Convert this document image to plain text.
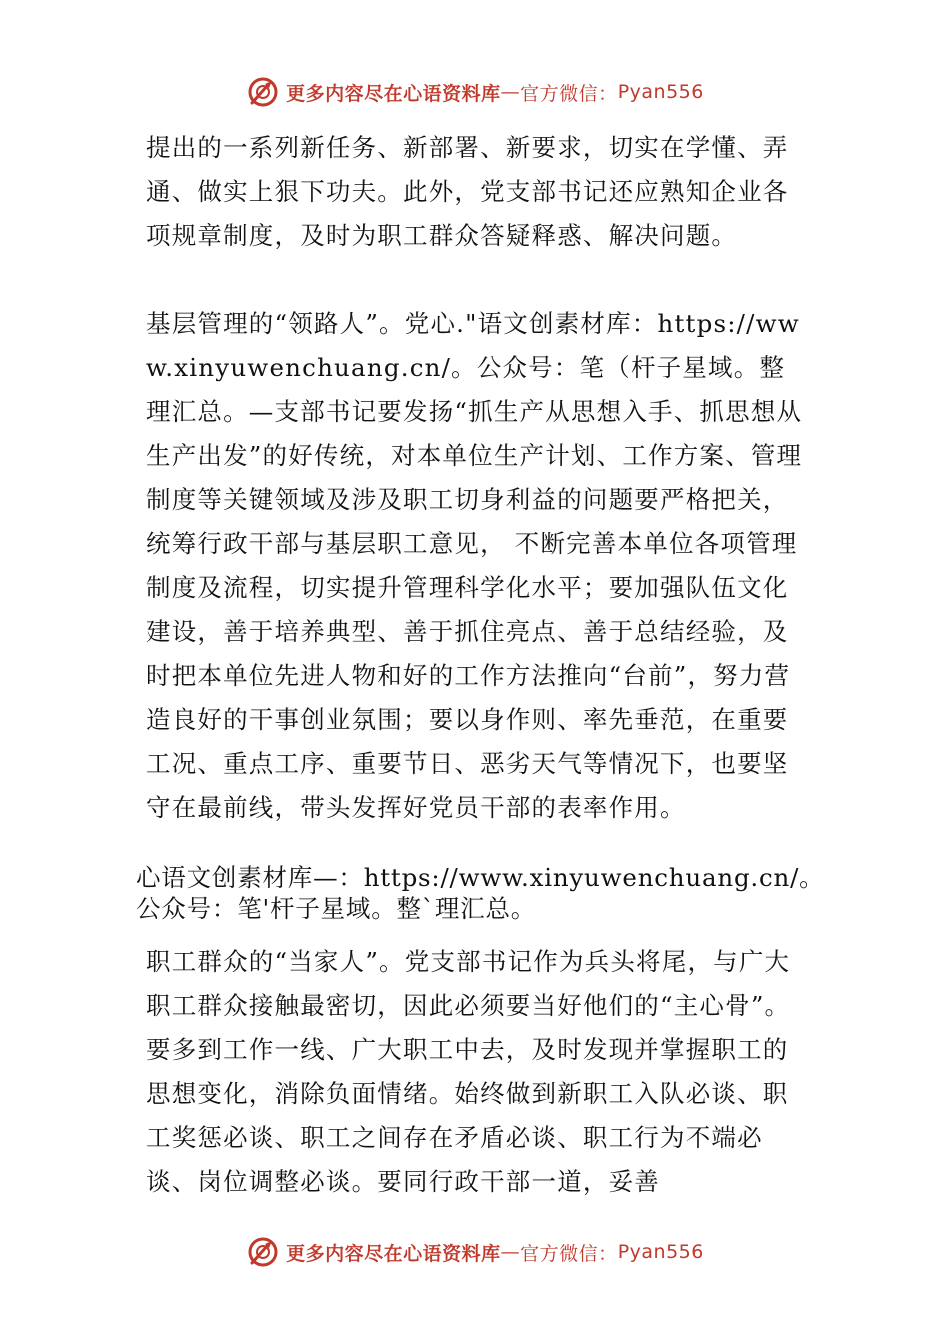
更多内容尽在心语资料库 — 官方微信： Pyan556

提出的一系列新任务、新部署、新要求，切实在学懂、弄通、做实上狠下功夫。此外，党支部书记还应熟知企业各项规章制度，及时为职工群众答疑释惑、解决问题。

基层管理的“领路人”。党心."语文创素材库：https://www.xinyuwenchuang.cn/。公众号：笔（杆子星域。整理汇总。—支部书记要发扬“抓生产从思想入手、抓思想从生产出发”的好传统，对本单位生产计划、工作方案、管理制度等关键领域及涉及职工切身利益的问题要严格把关，统筹行政干部与基层职工意见， 不断完善本单位各项管理制度及流程，切实提升管理科学化水平；要加强队伍文化建设，善于培养典型、善于抓住亮点、善于总结经验，及时把本单位先进人物和好的工作方法推向“台前”，努力营造良好的干事创业氛围；要以身作则、率先垂范，在重要工况、重点工序、重要节日、恶劣天气等情况下，也要坚守在最前线，带头发挥好党员干部的表率作用。

心语文创素材库—：https://www.xinyuwenchuang.cn/。公众号：笔'杆子星域。整`理汇总。

职工群众的“当家人”。党支部书记作为兵头将尾，与广大职工群众接触最密切，因此必须要当好他们的“主心骨”。要多到工作一线、广大职工中去，及时发现并掌握职工的思想变化，消除负面情绪。始终做到新职工入队必谈、职工奖惩必谈、职工之间存在矛盾必谈、职工行为不端必谈、岗位调整必谈。要同行政干部一道，妥善

更多内容尽在心语资料库 — 官方微信： Pyan556
